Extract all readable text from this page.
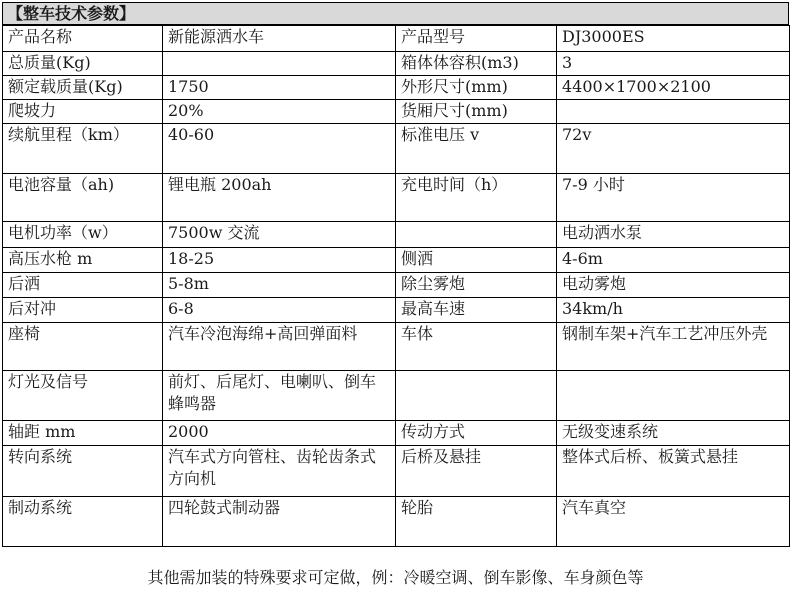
【整车技术参数】
产品名称	新能源洒水车	产品型号	DJ3000ES
总质量(Kg)		箱体体容积(m3)	3
额定载质量(Kg)	1750	外形尺寸(mm)	4400×1700×2100
爬坡力	20%	货厢尺寸(mm)	
续航里程（km）	40-60	标准电压 v	72v
电池容量（ah)	锂电瓶 200ah	充电时间（h）	7-9 小时
电机功率（w）	7500w 交流		电动洒水泵
高压水枪 m	18-25	侧洒	4-6m
后洒	5-8m	除尘雾炮	电动雾炮
后对冲	6-8	最高车速	34km/h
座椅	汽车冷泡海绵+高回弹面料	车体	钢制车架+汽车工艺冲压外壳
灯光及信号	前灯、后尾灯、电喇叭、倒车蜂鸣器		
轴距 mm	2000	传动方式	无级变速系统
转向系统	汽车式方向管柱、齿轮齿条式方向机	后桥及悬挂	整体式后桥、板簧式悬挂
制动系统	四轮鼓式制动器	轮胎	汽车真空
其他需加装的特殊要求可定做，例：冷暖空调、倒车影像、车身颜色等
